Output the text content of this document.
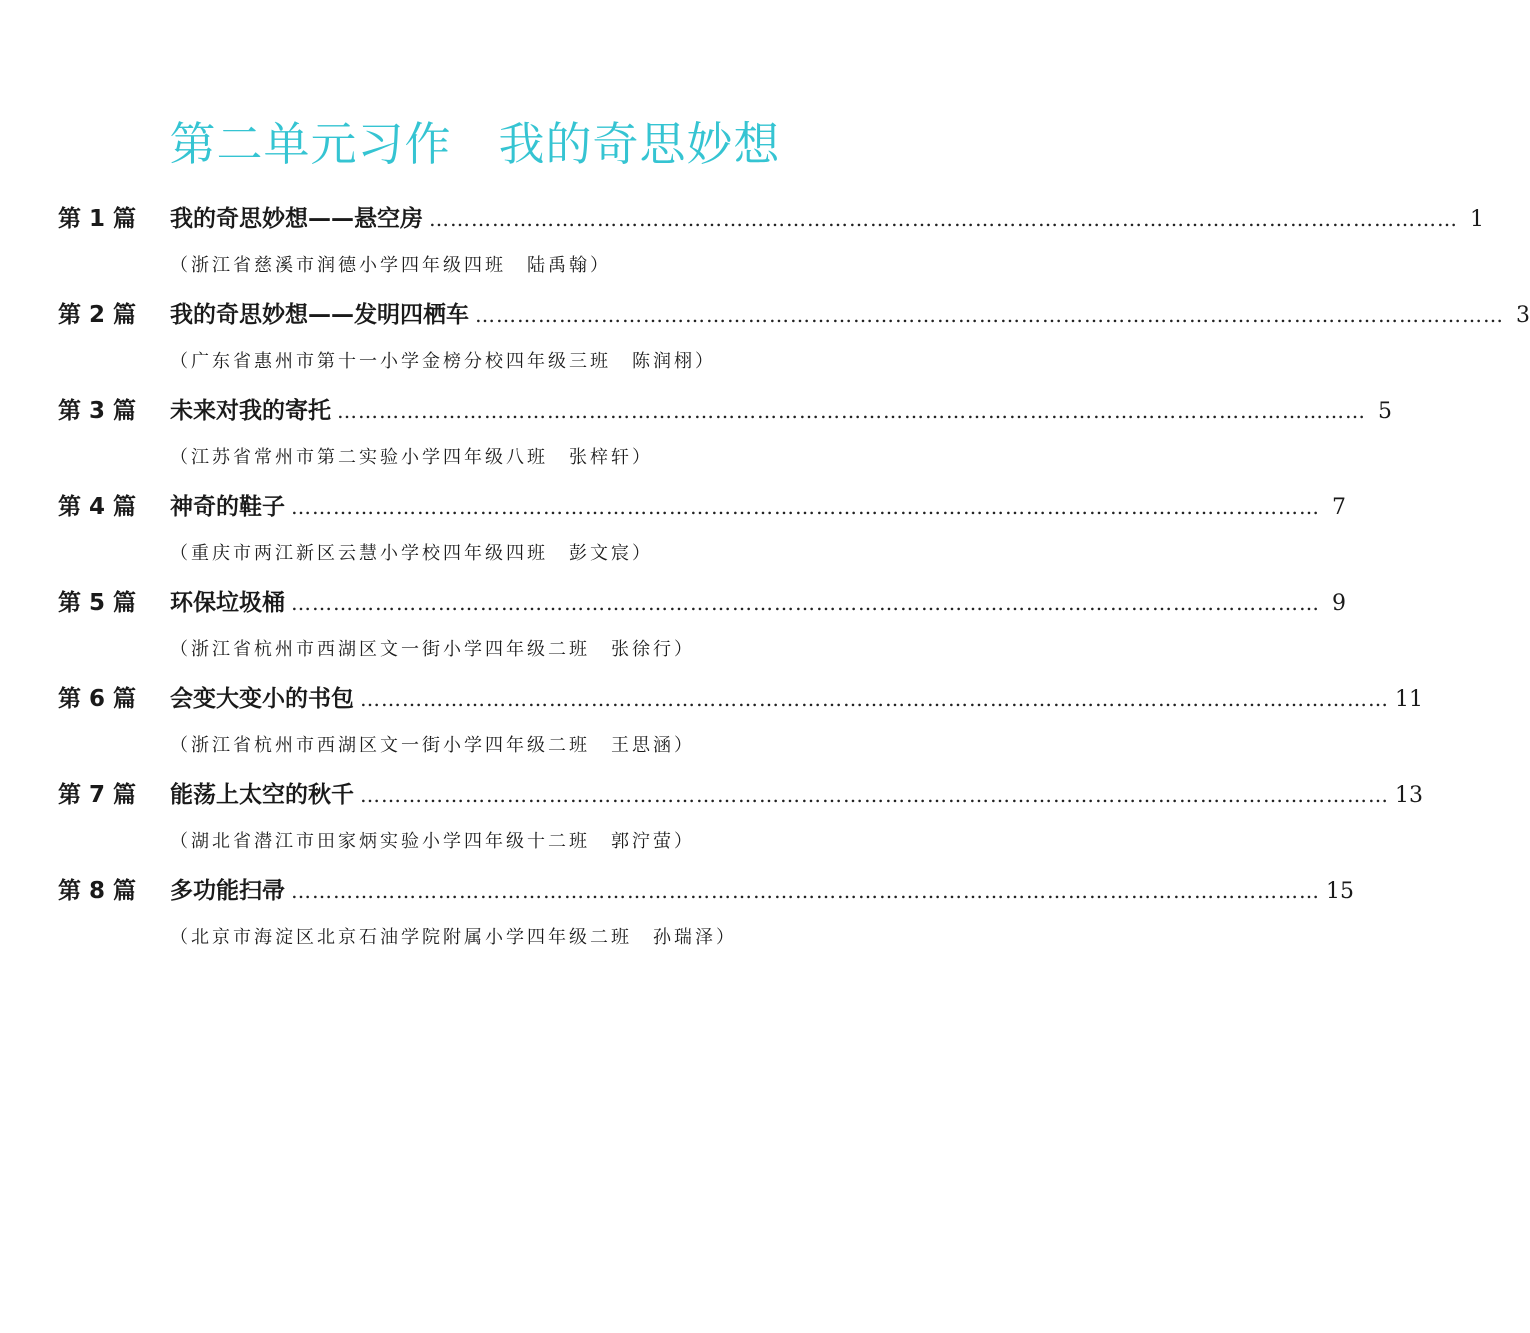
第二单元习作　我的奇思妙想
第 1 篇	我的奇思妙想——悬空房 ………………………………………………………………………………………………………………………………… 1
（浙江省慈溪市润德小学四年级四班　陆禹翰）
第 2 篇	我的奇思妙想——发明四栖车 ………………………………………………………………………………………………………………………………… 3
（广东省惠州市第十一小学金榜分校四年级三班　陈润栩）
第 3 篇	未来对我的寄托 ………………………………………………………………………………………………………………………………… 5
（江苏省常州市第二实验小学四年级八班　张梓轩）
第 4 篇	神奇的鞋子 ………………………………………………………………………………………………………………………………… 7
（重庆市两江新区云慧小学校四年级四班　彭文宸）
第 5 篇	环保垃圾桶 ………………………………………………………………………………………………………………………………… 9
（浙江省杭州市西湖区文一街小学四年级二班　张徐行）
第 6 篇	会变大变小的书包 ………………………………………………………………………………………………………………………………… 11
（浙江省杭州市西湖区文一街小学四年级二班　王思涵）
第 7 篇	能荡上太空的秋千 ………………………………………………………………………………………………………………………………… 13
（湖北省潜江市田家炳实验小学四年级十二班　郭泞萤）
第 8 篇	多功能扫帚 ………………………………………………………………………………………………………………………………… 15
（北京市海淀区北京石油学院附属小学四年级二班　孙瑞泽）
